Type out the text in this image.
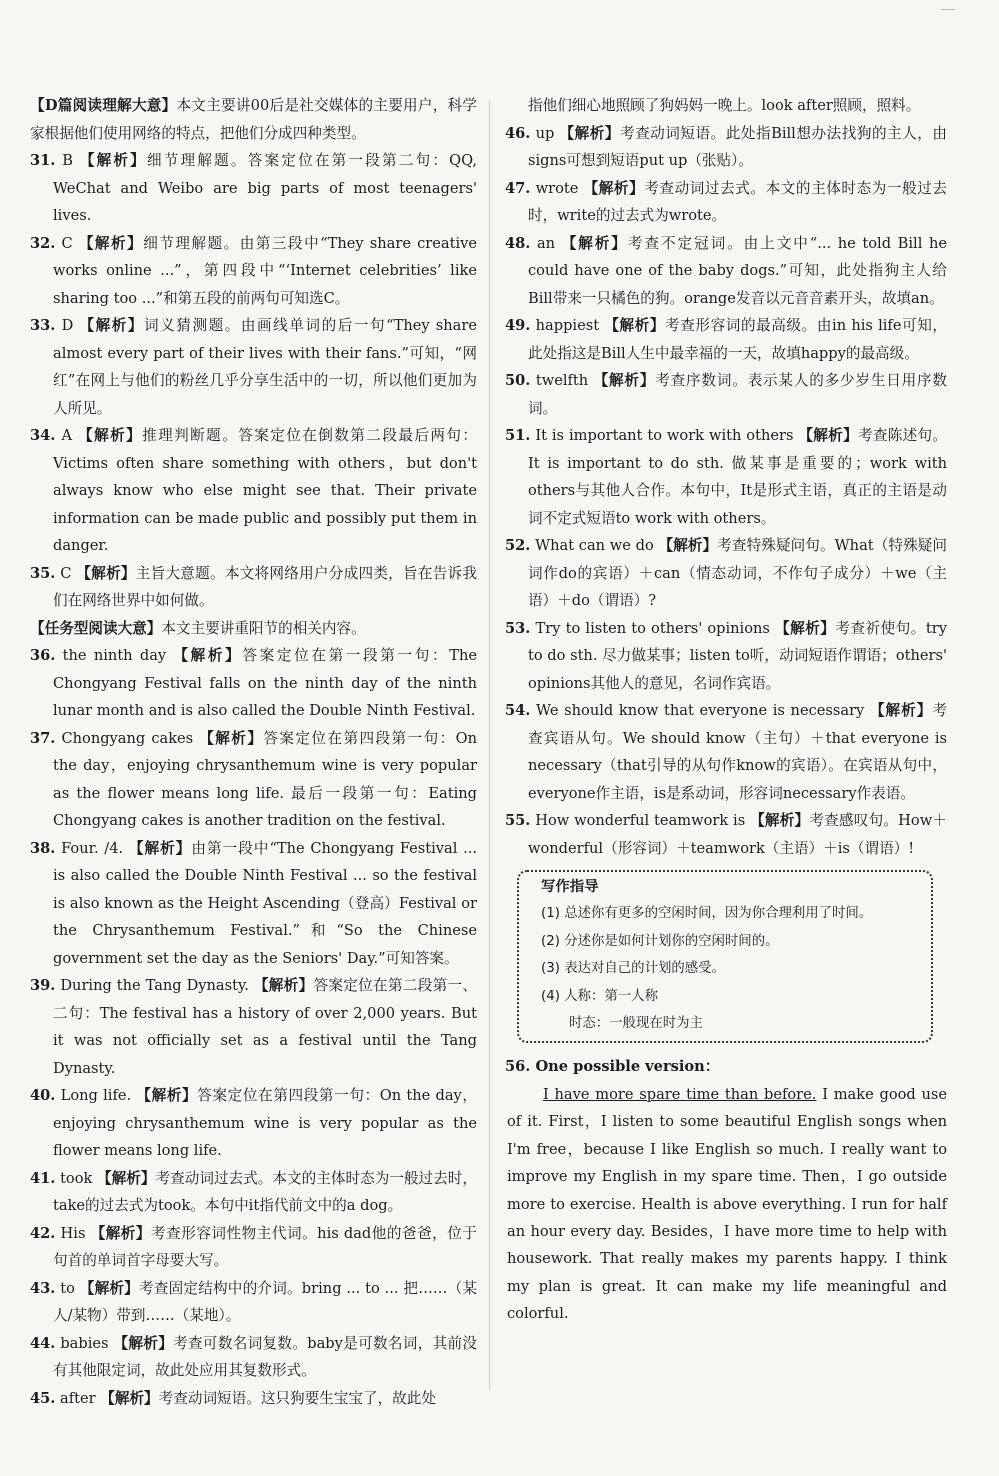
【D篇阅读理解大意】本文主要讲00后是社交媒体的主要用户，科学家根据他们使用网络的特点，把他们分成四种类型。

31. B 【解析】细节理解题。答案定位在第一段第二句：QQ, WeChat and Weibo are big parts of most teenagers' lives.

32. C 【解析】细节理解题。由第三段中“They share creative works online ...”，第四段中“‘Internet celebrities’ like sharing too ...”和第五段的前两句可知选C。

33. D 【解析】词义猜测题。由画线单词的后一句“They share almost every part of their lives with their fans.”可知，“网红”在网上与他们的粉丝几乎分享生活中的一切，所以他们更加为人所见。

34. A 【解析】推理判断题。答案定位在倒数第二段最后两句：Victims often share something with others，but don't always know who else might see that. Their private information can be made public and possibly put them in danger.

35. C 【解析】主旨大意题。本文将网络用户分成四类，旨在告诉我们在网络世界中如何做。

【任务型阅读大意】本文主要讲重阳节的相关内容。

36. the ninth day 【解析】答案定位在第一段第一句：The Chongyang Festival falls on the ninth day of the ninth lunar month and is also called the Double Ninth Festival.

37. Chongyang cakes 【解析】答案定位在第四段第一句：On the day，enjoying chrysanthemum wine is very popular as the flower means long life. 最后一段第一句：Eating Chongyang cakes is another tradition on the festival.

38. Four. /4. 【解析】由第一段中“The Chongyang Festival ... is also called the Double Ninth Festival ... so the festival is also known as the Height Ascending（登高）Festival or the Chrysanthemum Festival.”和“So the Chinese government set the day as the Seniors' Day.”可知答案。

39. During the Tang Dynasty. 【解析】答案定位在第二段第一、二句：The festival has a history of over 2,000 years. But it was not officially set as a festival until the Tang Dynasty.

40. Long life. 【解析】答案定位在第四段第一句：On the day，enjoying chrysanthemum wine is very popular as the flower means long life.

41. took 【解析】考查动词过去式。本文的主体时态为一般过去时，take的过去式为took。本句中it指代前文中的a dog。

42. His 【解析】考查形容词性物主代词。his dad他的爸爸，位于句首的单词首字母要大写。

43. to 【解析】考查固定结构中的介词。bring ... to ... 把……（某人/某物）带到……（某地）。

44. babies 【解析】考查可数名词复数。baby是可数名词，其前没有其他限定词，故此处应用其复数形式。

45. after 【解析】考查动词短语。这只狗要生宝宝了，故此处

指他们细心地照顾了狗妈妈一晚上。look after照顾，照料。

46. up 【解析】考查动词短语。此处指Bill想办法找狗的主人，由signs可想到短语put up（张贴）。

47. wrote 【解析】考查动词过去式。本文的主体时态为一般过去时，write的过去式为wrote。

48. an 【解析】考查不定冠词。由上文中“... he told Bill he could have one of the baby dogs.”可知，此处指狗主人给Bill带来一只橘色的狗。orange发音以元音音素开头，故填an。

49. happiest 【解析】考查形容词的最高级。由in his life可知，此处指这是Bill人生中最幸福的一天，故填happy的最高级。

50. twelfth 【解析】考查序数词。表示某人的多少岁生日用序数词。

51. It is important to work with others 【解析】考查陈述句。It is important to do sth. 做某事是重要的；work with others与其他人合作。本句中，It是形式主语，真正的主语是动词不定式短语to work with others。

52. What can we do 【解析】考查特殊疑问句。What（特殊疑问词作do的宾语）＋can（情态动词，不作句子成分）＋we（主语）＋do（谓语）?

53. Try to listen to others' opinions 【解析】考查祈使句。try to do sth. 尽力做某事；listen to听，动词短语作谓语；others' opinions其他人的意见，名词作宾语。

54. We should know that everyone is necessary 【解析】考查宾语从句。We should know（主句）＋that everyone is necessary（that引导的从句作know的宾语）。在宾语从句中，everyone作主语，is是系动词，形容词necessary作表语。

55. How wonderful teamwork is 【解析】考查感叹句。How＋wonderful（形容词）＋teamwork（主语）＋is（谓语）!

写作指导
(1) 总述你有更多的空闲时间，因为你合理利用了时间。
(2) 分述你是如何计划你的空闲时间的。
(3) 表达对自己的计划的感受。
(4) 人称：第一人称
时态：一般现在时为主
56. One possible version：

I have more spare time than before. I make good use of it. First，I listen to some beautiful English songs when I'm free，because I like English so much. I really want to improve my English in my spare time. Then，I go outside more to exercise. Health is above everything. I run for half an hour every day. Besides，I have more time to help with housework. That really makes my parents happy. I think my plan is great. It can make my life meaningful and colorful.
